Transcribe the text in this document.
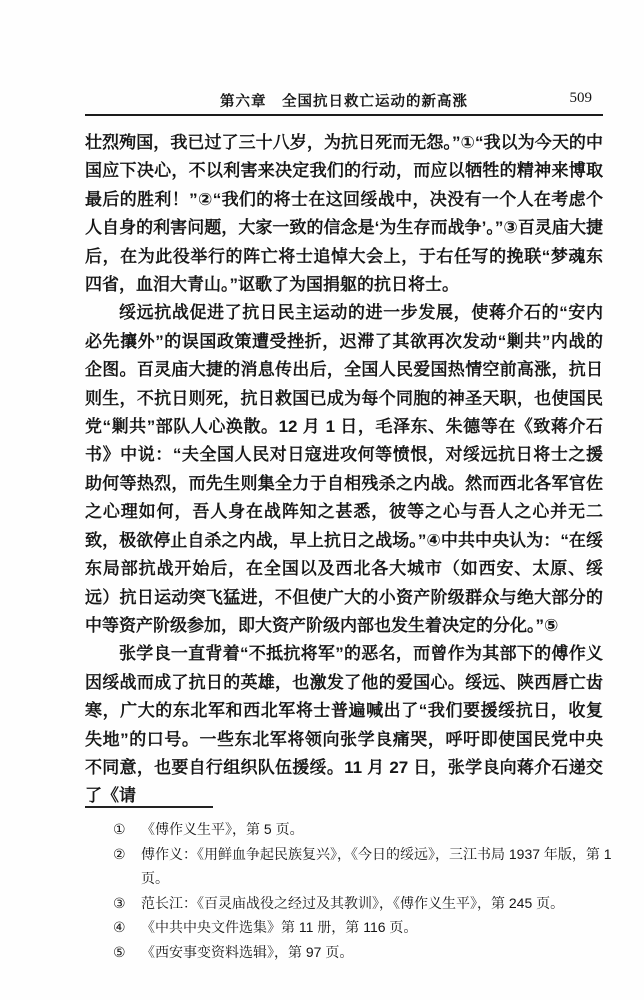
第六章　全国抗日救亡运动的新高涨	509

壮烈殉国，我已过了三十八岁，为抗日死而无怨。”①“我以为今天的中国应下决心，不以利害来决定我们的行动，而应以牺牲的精神来博取最后的胜利！”②“我们的将士在这回绥战中，决没有一个人在考虑个人自身的利害问题，大家一致的信念是‘为生存而战争’。”③百灵庙大捷后，在为此役举行的阵亡将士追悼大会上，于右任写的挽联“梦魂东四省，血泪大青山。”讴歌了为国捐躯的抗日将士。

绥远抗战促进了抗日民主运动的进一步发展，使蒋介石的“安内必先攘外”的误国政策遭受挫折，迟滞了其欲再次发动“剿共”内战的企图。百灵庙大捷的消息传出后，全国人民爱国热情空前高涨，抗日则生，不抗日则死，抗日救国已成为每个同胞的神圣天职，也使国民党“剿共”部队人心涣散。12 月 1 日，毛泽东、朱德等在《致蒋介石书》中说：“夫全国人民对日寇进攻何等愤恨，对绥远抗日将士之援助何等热烈，而先生则集全力于自相残杀之内战。然而西北各军官佐之心理如何，吾人身在战阵知之甚悉，彼等之心与吾人之心并无二致，极欲停止自杀之内战，早上抗日之战场。”④中共中央认为：“在绥东局部抗战开始后，在全国以及西北各大城市（如西安、太原、绥远）抗日运动突飞猛进，不但使广大的小资产阶级群众与绝大部分的中等资产阶级参加，即大资产阶级内部也发生着决定的分化。”⑤

张学良一直背着“不抵抗将军”的恶名，而曾作为其部下的傅作义因绥战而成了抗日的英雄，也激发了他的爱国心。绥远、陕西唇亡齿寒，广大的东北军和西北军将士普遍喊出了“我们要援绥抗日，收复失地”的口号。一些东北军将领向张学良痛哭，呼吁即使国民党中央不同意，也要自行组织队伍援绥。11 月 27 日，张学良向蒋介石递交了《请

①	《傅作义生平》，第 5 页。
②	傅作义：《用鲜血争起民族复兴》，《今日的绥远》，三江书局 1937 年版，第 1 页。
③	范长江：《百灵庙战役之经过及其教训》，《傅作义生平》，第 245 页。
④	《中共中央文件选集》第 11 册，第 116 页。
⑤	《西安事变资料选辑》，第 97 页。
